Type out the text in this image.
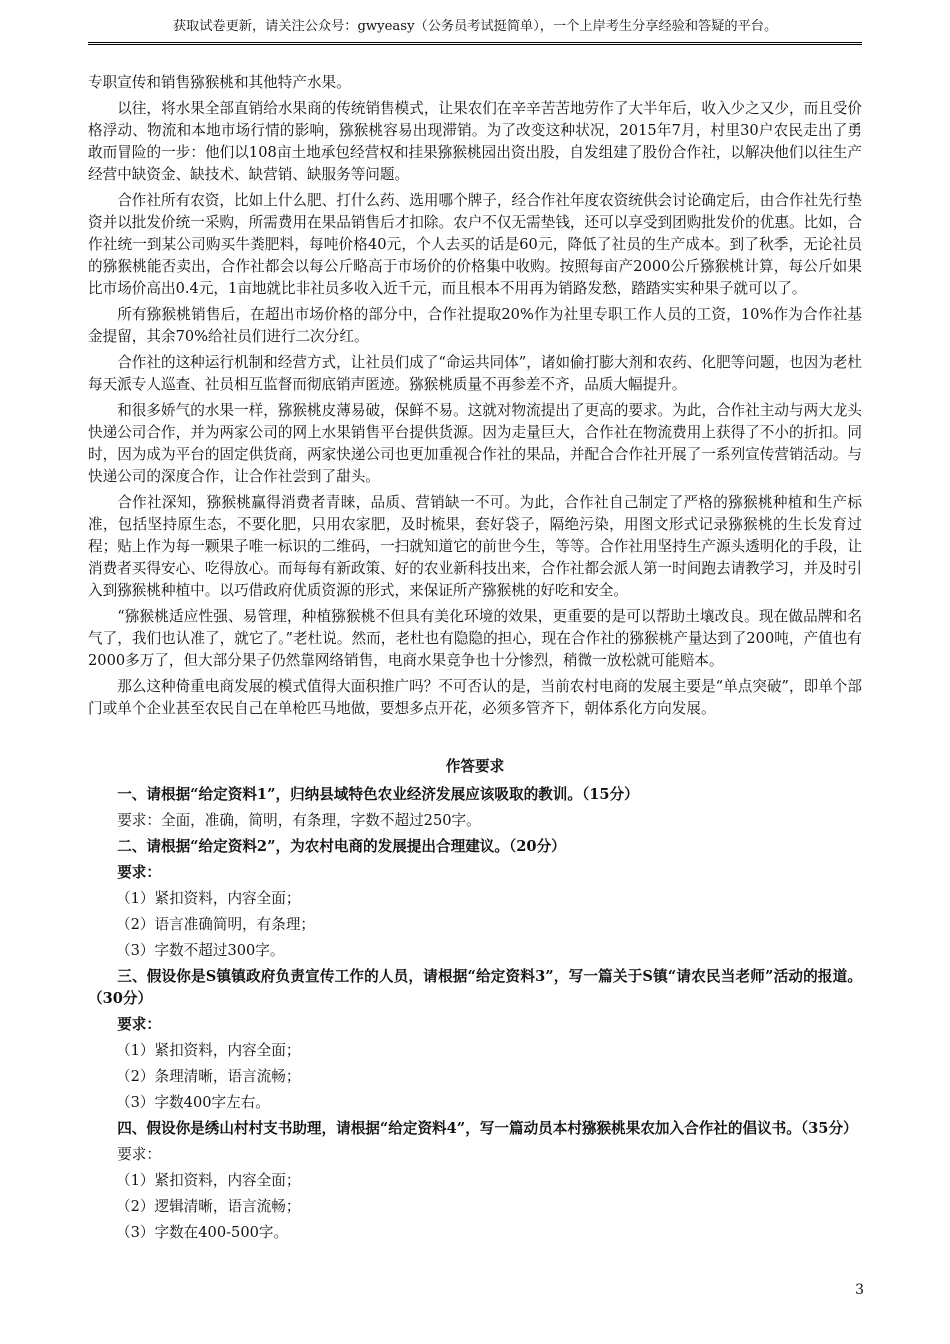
获取试卷更新，请关注公众号：gwyeasy（公务员考试挺简单），一个上岸考生分享经验和答疑的平台。

专职宣传和销售猕猴桃和其他特产水果。

以往，将水果全部直销给水果商的传统销售模式，让果农们在辛辛苦苦地劳作了大半年后，收入少之又少，而且受价格浮动、物流和本地市场行情的影响，猕猴桃容易出现滞销。为了改变这种状况，2015年7月，村里30户农民走出了勇敢而冒险的一步：他们以108亩土地承包经营权和挂果猕猴桃园出资出股，自发组建了股份合作社，以解决他们以往生产经营中缺资金、缺技术、缺营销、缺服务等问题。

合作社所有农资，比如上什么肥、打什么药、选用哪个牌子，经合作社年度农资统供会讨论确定后，由合作社先行垫资并以批发价统一采购，所需费用在果品销售后才扣除。农户不仅无需垫钱，还可以享受到团购批发价的优惠。比如，合作社统一到某公司购买牛粪肥料，每吨价格40元，个人去买的话是60元，降低了社员的生产成本。到了秋季，无论社员的猕猴桃能否卖出，合作社都会以每公斤略高于市场价的价格集中收购。按照每亩产2000公斤猕猴桃计算，每公斤如果比市场价高出0.4元，1亩地就比非社员多收入近千元，而且根本不用再为销路发愁，踏踏实实种果子就可以了。

所有猕猴桃销售后，在超出市场价格的部分中，合作社提取20%作为社里专职工作人员的工资，10%作为合作社基金提留，其余70%给社员们进行二次分红。

合作社的这种运行机制和经营方式，让社员们成了“命运共同体”，诸如偷打膨大剂和农药、化肥等问题，也因为老杜每天派专人巡查、社员相互监督而彻底销声匿迹。猕猴桃质量不再参差不齐，品质大幅提升。

和很多娇气的水果一样，猕猴桃皮薄易破，保鲜不易。这就对物流提出了更高的要求。为此，合作社主动与两大龙头快递公司合作，并为两家公司的网上水果销售平台提供货源。因为走量巨大，合作社在物流费用上获得了不小的折扣。同时，因为成为平台的固定供货商，两家快递公司也更加重视合作社的果品，并配合合作社开展了一系列宣传营销活动。与快递公司的深度合作，让合作社尝到了甜头。

合作社深知，猕猴桃赢得消费者青睐，品质、营销缺一不可。为此，合作社自己制定了严格的猕猴桃种植和生产标准，包括坚持原生态，不要化肥，只用农家肥，及时梳果，套好袋子，隔绝污染，用图文形式记录猕猴桃的生长发育过程；贴上作为每一颗果子唯一标识的二维码，一扫就知道它的前世今生，等等。合作社用坚持生产源头透明化的手段，让消费者买得安心、吃得放心。而每每有新政策、好的农业新科技出来，合作社都会派人第一时间跑去请教学习，并及时引入到猕猴桃种植中。以巧借政府优质资源的形式，来保证所产猕猴桃的好吃和安全。

“猕猴桃适应性强、易管理，种植猕猴桃不但具有美化环境的效果，更重要的是可以帮助土壤改良。现在做品牌和名气了，我们也认准了，就它了。”老杜说。然而，老杜也有隐隐的担心，现在合作社的猕猴桃产量达到了200吨，产值也有2000多万了，但大部分果子仍然靠网络销售，电商水果竞争也十分惨烈，稍微一放松就可能赔本。

那么这种倚重电商发展的模式值得大面积推广吗？不可否认的是，当前农村电商的发展主要是“单点突破”，即单个部门或单个企业甚至农民自己在单枪匹马地做，要想多点开花，必须多管齐下，朝体系化方向发展。

作答要求

一、请根据“给定资料1”，归纳县域特色农业经济发展应该吸取的教训。（15分）

要求：全面，准确，简明，有条理，字数不超过250字。

二、请根据“给定资料2”，为农村电商的发展提出合理建议。（20分）

要求：

（1）紧扣资料，内容全面；

（2）语言准确简明，有条理；

（3）字数不超过300字。

三、假设你是S镇镇政府负责宣传工作的人员，请根据“给定资料3”，写一篇关于S镇“请农民当老师”活动的报道。（30分）

要求：

（1）紧扣资料，内容全面；

（2）条理清晰，语言流畅；

（3）字数400字左右。

四、假设你是绣山村村支书助理，请根据“给定资料4”，写一篇动员本村猕猴桃果农加入合作社的倡议书。（35分）

要求：

（1）紧扣资料，内容全面；

（2）逻辑清晰，语言流畅；

（3）字数在400-500字。

3
